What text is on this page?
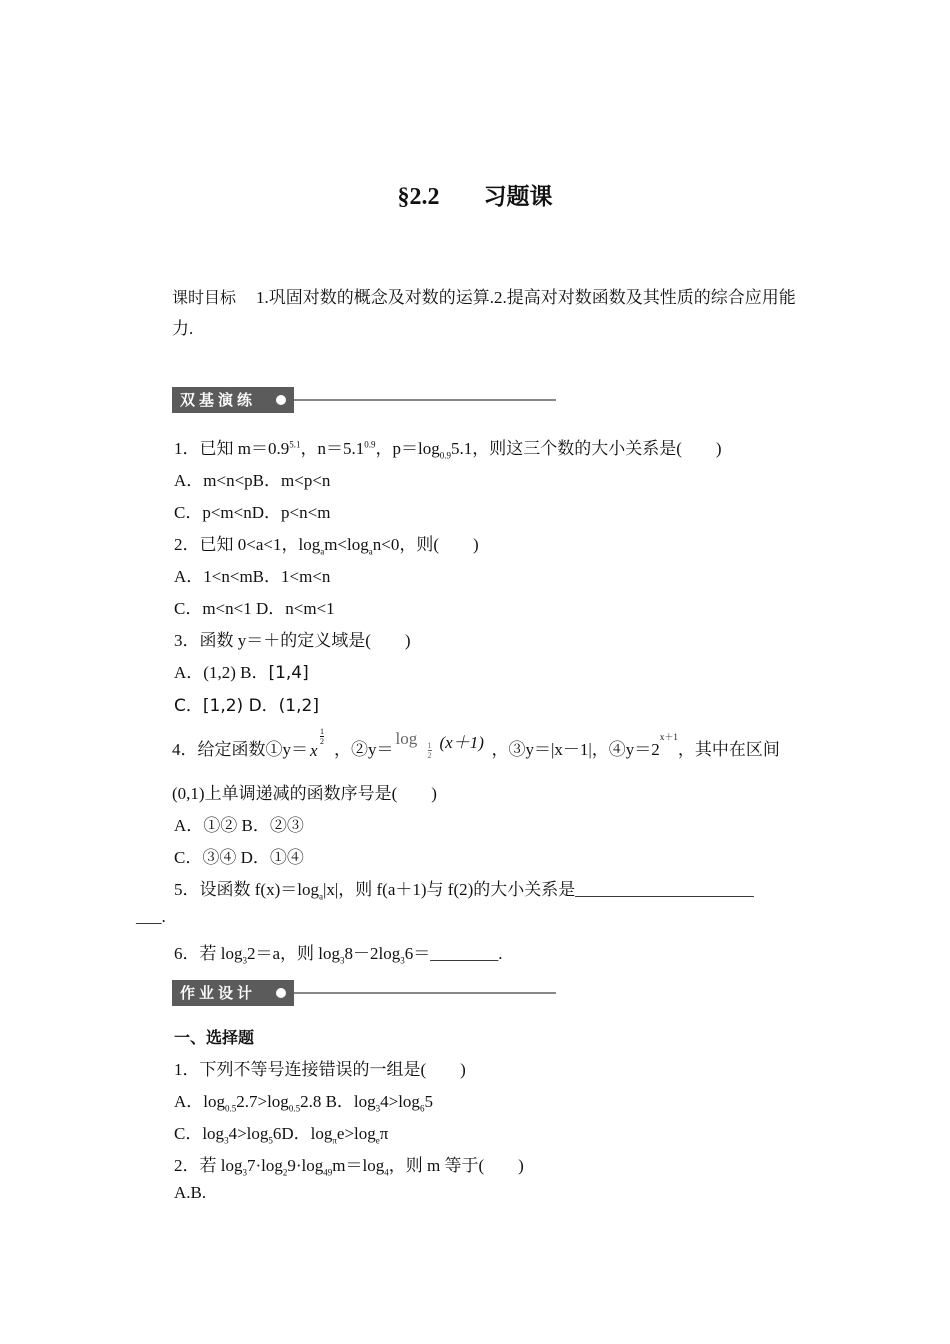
§2.2 习题课
课时目标 1.巩固对数的概念及对数的运算.2.提高对对数函数及其性质的综合应用能力.
双基演练
1．已知 $m=0.9^{5.1}$，$n=5.1^{0.9}$，$p=\log_{0.9}5.1$，则这三个数的大小关系是(　　)
A．m<n<pB．m<p<n
C．p<m<nD．p<n<m
2．已知 0<a<1，$\log_am<\log_an<0$，则(　　)
A．1<n<mB．1<m<n
C．m<n<1 D．n<m<1
3．函数 y＝＋的定义域是(　　)
A．(1,2) B．[1,4]
C．[1,2) D．(1,2]
4．给定函数①y＝ x
1
2 ，②y＝
log 1
2
(x＋1) ，③y＝|x－1|，$④y=2^{x+1}$，其中在区间
(0,1)上单调递减的函数序号是(　　)
A．①② B．②③
C．③④ D．①④
5．设函数 $f(x)=\log_a|x|$，则 f(a＋1)与 f(2)的大小关系是_____________________
___.
6．若 $\log_32=a$，则 $\log_38-2\log_36=\_\_\_\_\_\_\_\_$.
作业设计
一、选择题
1．下列不等号连接错误的一组是(　　)
A．$\log_{0.5}2.7>\log_{0.5}2.8$ B．$\log_34>\log_65$
C．$\log_34>\log_56D$．$\log_\pi e>\log_e\pi$
2．若 $\log_37\cdot\log_29\cdot\log_{49}m=\log_4$，则 m 等于(　　)
A.B.
